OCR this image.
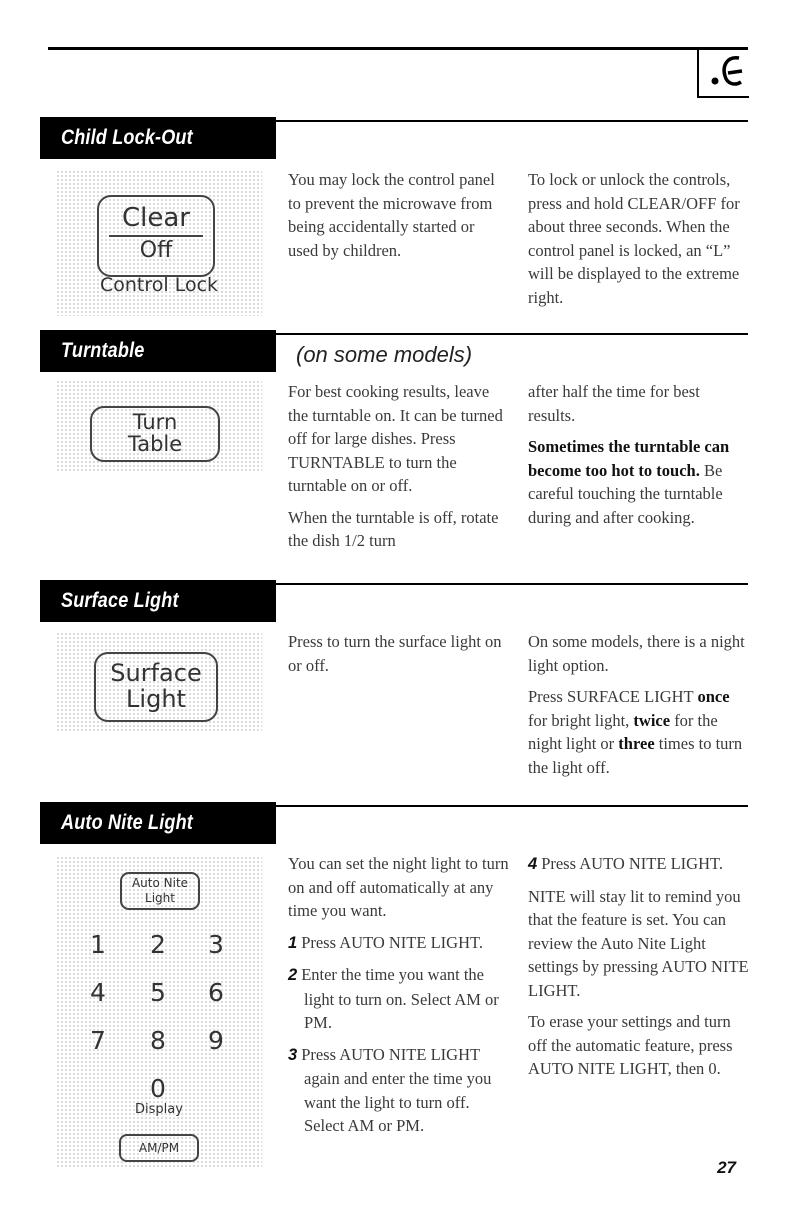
Child Lock-Out
Clear
Off
Control Lock
You may lock the control panel to prevent the microwave from being accidentally started or used by children.
To lock or unlock the controls, press and hold CLEAR/OFF for about three seconds. When the control panel is locked, an “L” will be displayed to the extreme right.
Turntable	(on some models)
Turn
Table

For best cooking results, leave the turntable on. It can be turned off for large dishes. Press TURNTABLE to turn the turntable on or off.

When the turntable is off, rotate the dish 1/2 turn

after half the time for best results.

Sometimes the turntable can become too hot to touch. Be careful touching the turntable during and after cooking.

Surface Light
Surface
Light
Press to turn the surface light on or off.

On some models, there is a night light option.

Press SURFACE LIGHT once for bright light, twice for the night light or three times to turn the light off.

Auto Nite Light
Auto Nite
Light
1 2 3
4 5 6
7 8 9
0
Display
AM/PM

You can set the night light to turn on and off automatically at any time you want.

1 Press AUTO NITE LIGHT.

2 Enter the time you want the light to turn on. Select AM or PM.

3 Press AUTO NITE LIGHT again and enter the time you want the light to turn off. Select AM or PM.

4 Press AUTO NITE LIGHT.

NITE will stay lit to remind you that the feature is set. You can review the Auto Nite Light settings by pressing AUTO NITE LIGHT.

To erase your settings and turn off the automatic feature, press AUTO NITE LIGHT, then 0.

27
